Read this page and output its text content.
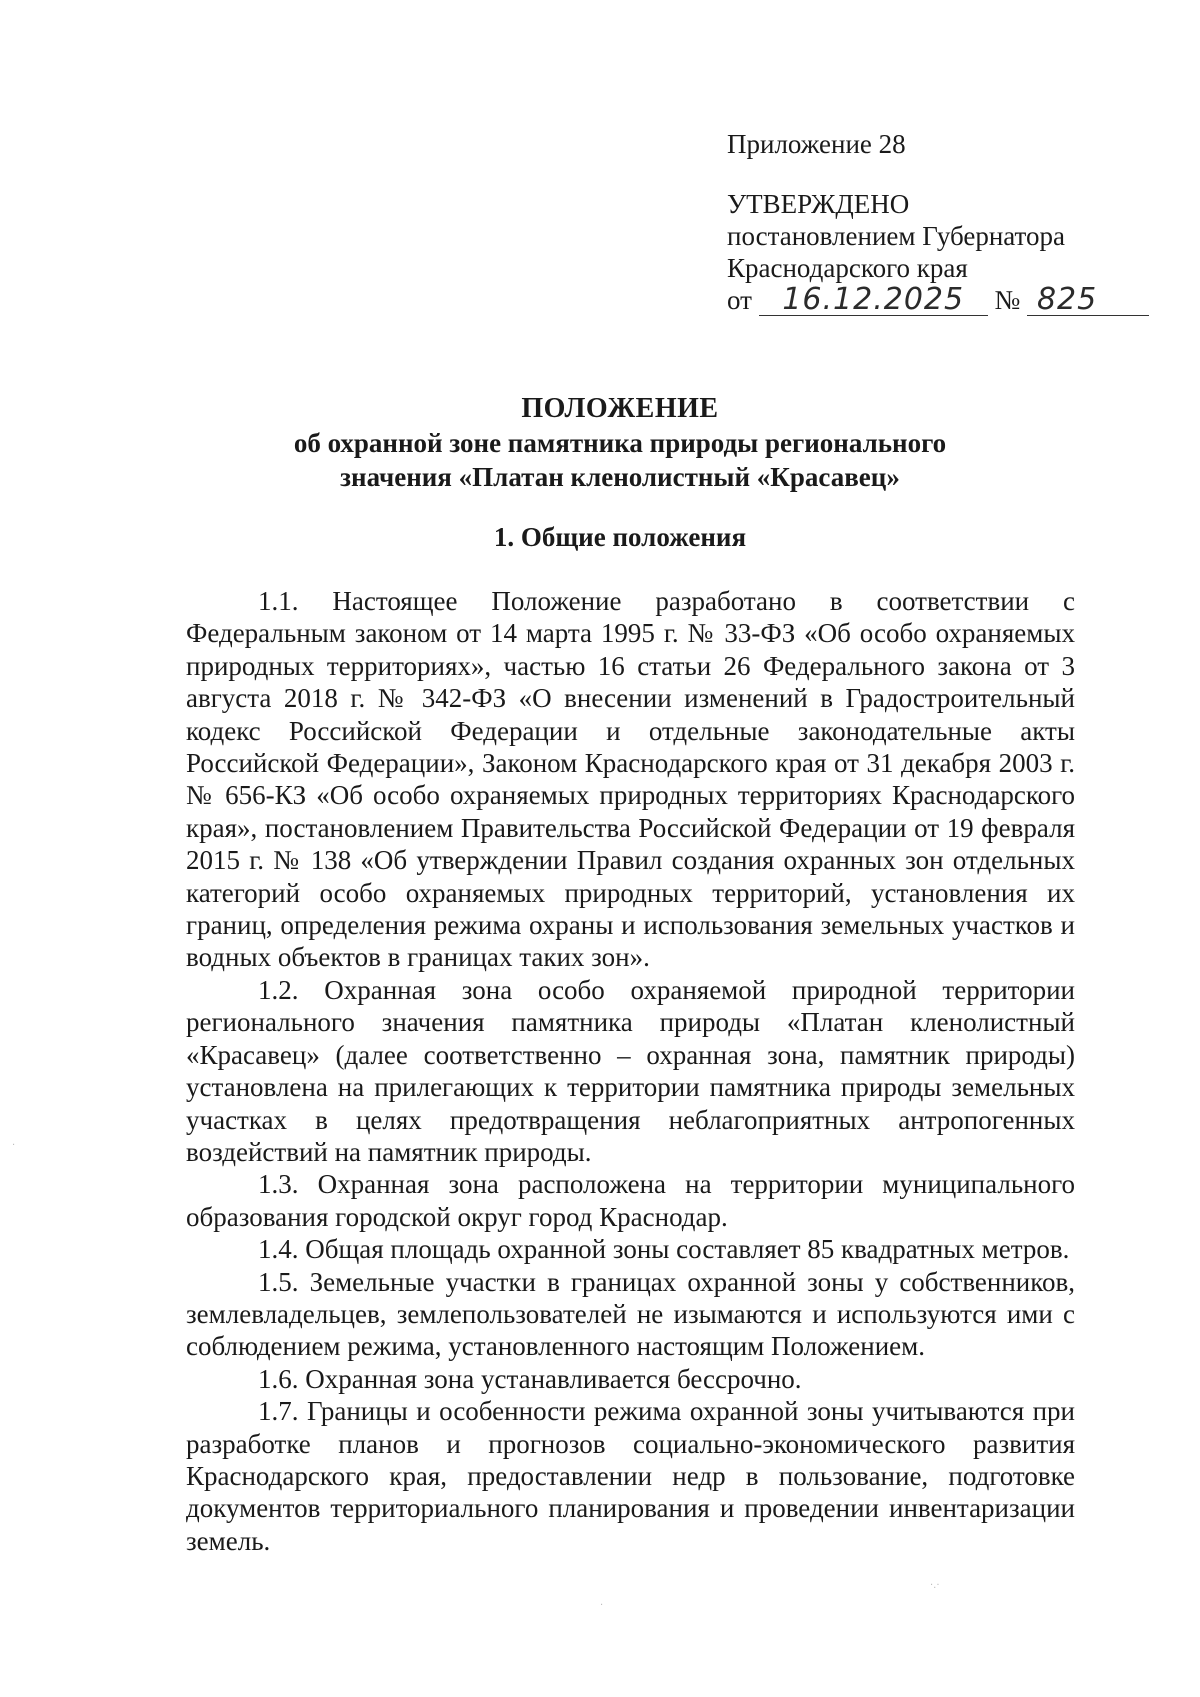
Приложение 28
УТВЕРЖДЕНО
постановлением Губернатора
Краснодарского края
от 16.12.2025 № 825
ПОЛОЖЕНИЕ
об охранной зоне памятника природы регионального
значения «Платан кленолистный «Красавец»
1. Общие положения

1.1. Настоящее Положение разработано в соответствии с Федеральным законом от 14 марта 1995 г. № 33-ФЗ «Об особо охраняемых природных территориях», частью 16 статьи 26 Федерального закона от 3 августа 2018 г. № 342-ФЗ «О внесении изменений в Градостроительный кодекс Российской Федерации и отдельные законодательные акты Российской Федерации», Законом Краснодарского края от 31 декабря 2003 г. № 656-КЗ «Об особо охраняемых природных территориях Краснодарского края», постановлением Правительства Российской Федерации от 19 февраля 2015 г. № 138 «Об утверждении Правил создания охранных зон отдельных категорий особо охраняемых природных территорий, установления их границ, определения режима охраны и использования земельных участков и водных объектов в границах таких зон».

1.2. Охранная зона особо охраняемой природной территории регионального значения памятника природы «Платан кленолистный «Красавец» (далее соответственно – охранная зона, памятник природы) установлена на прилегающих к территории памятника природы земельных участках в целях предотвращения неблагоприятных антропогенных воздействий на памятник природы.

1.3. Охранная зона расположена на территории муниципального образования городской округ город Краснодар.

1.4. Общая площадь охранной зоны составляет 85 квадратных метров.

1.5. Земельные участки в границах охранной зоны у собственников, землевладельцев, землепользователей не изымаются и используются ими с соблюдением режима, установленного настоящим Положением.

1.6. Охранная зона устанавливается бессрочно.

1.7. Границы и особенности режима охранной зоны учитываются при разработке планов и прогнозов социально-экономического развития Краснодарского края, предоставлении недр в пользование, подготовке документов территориального планирования и проведении инвентаризации земель.

·
·.·
·
